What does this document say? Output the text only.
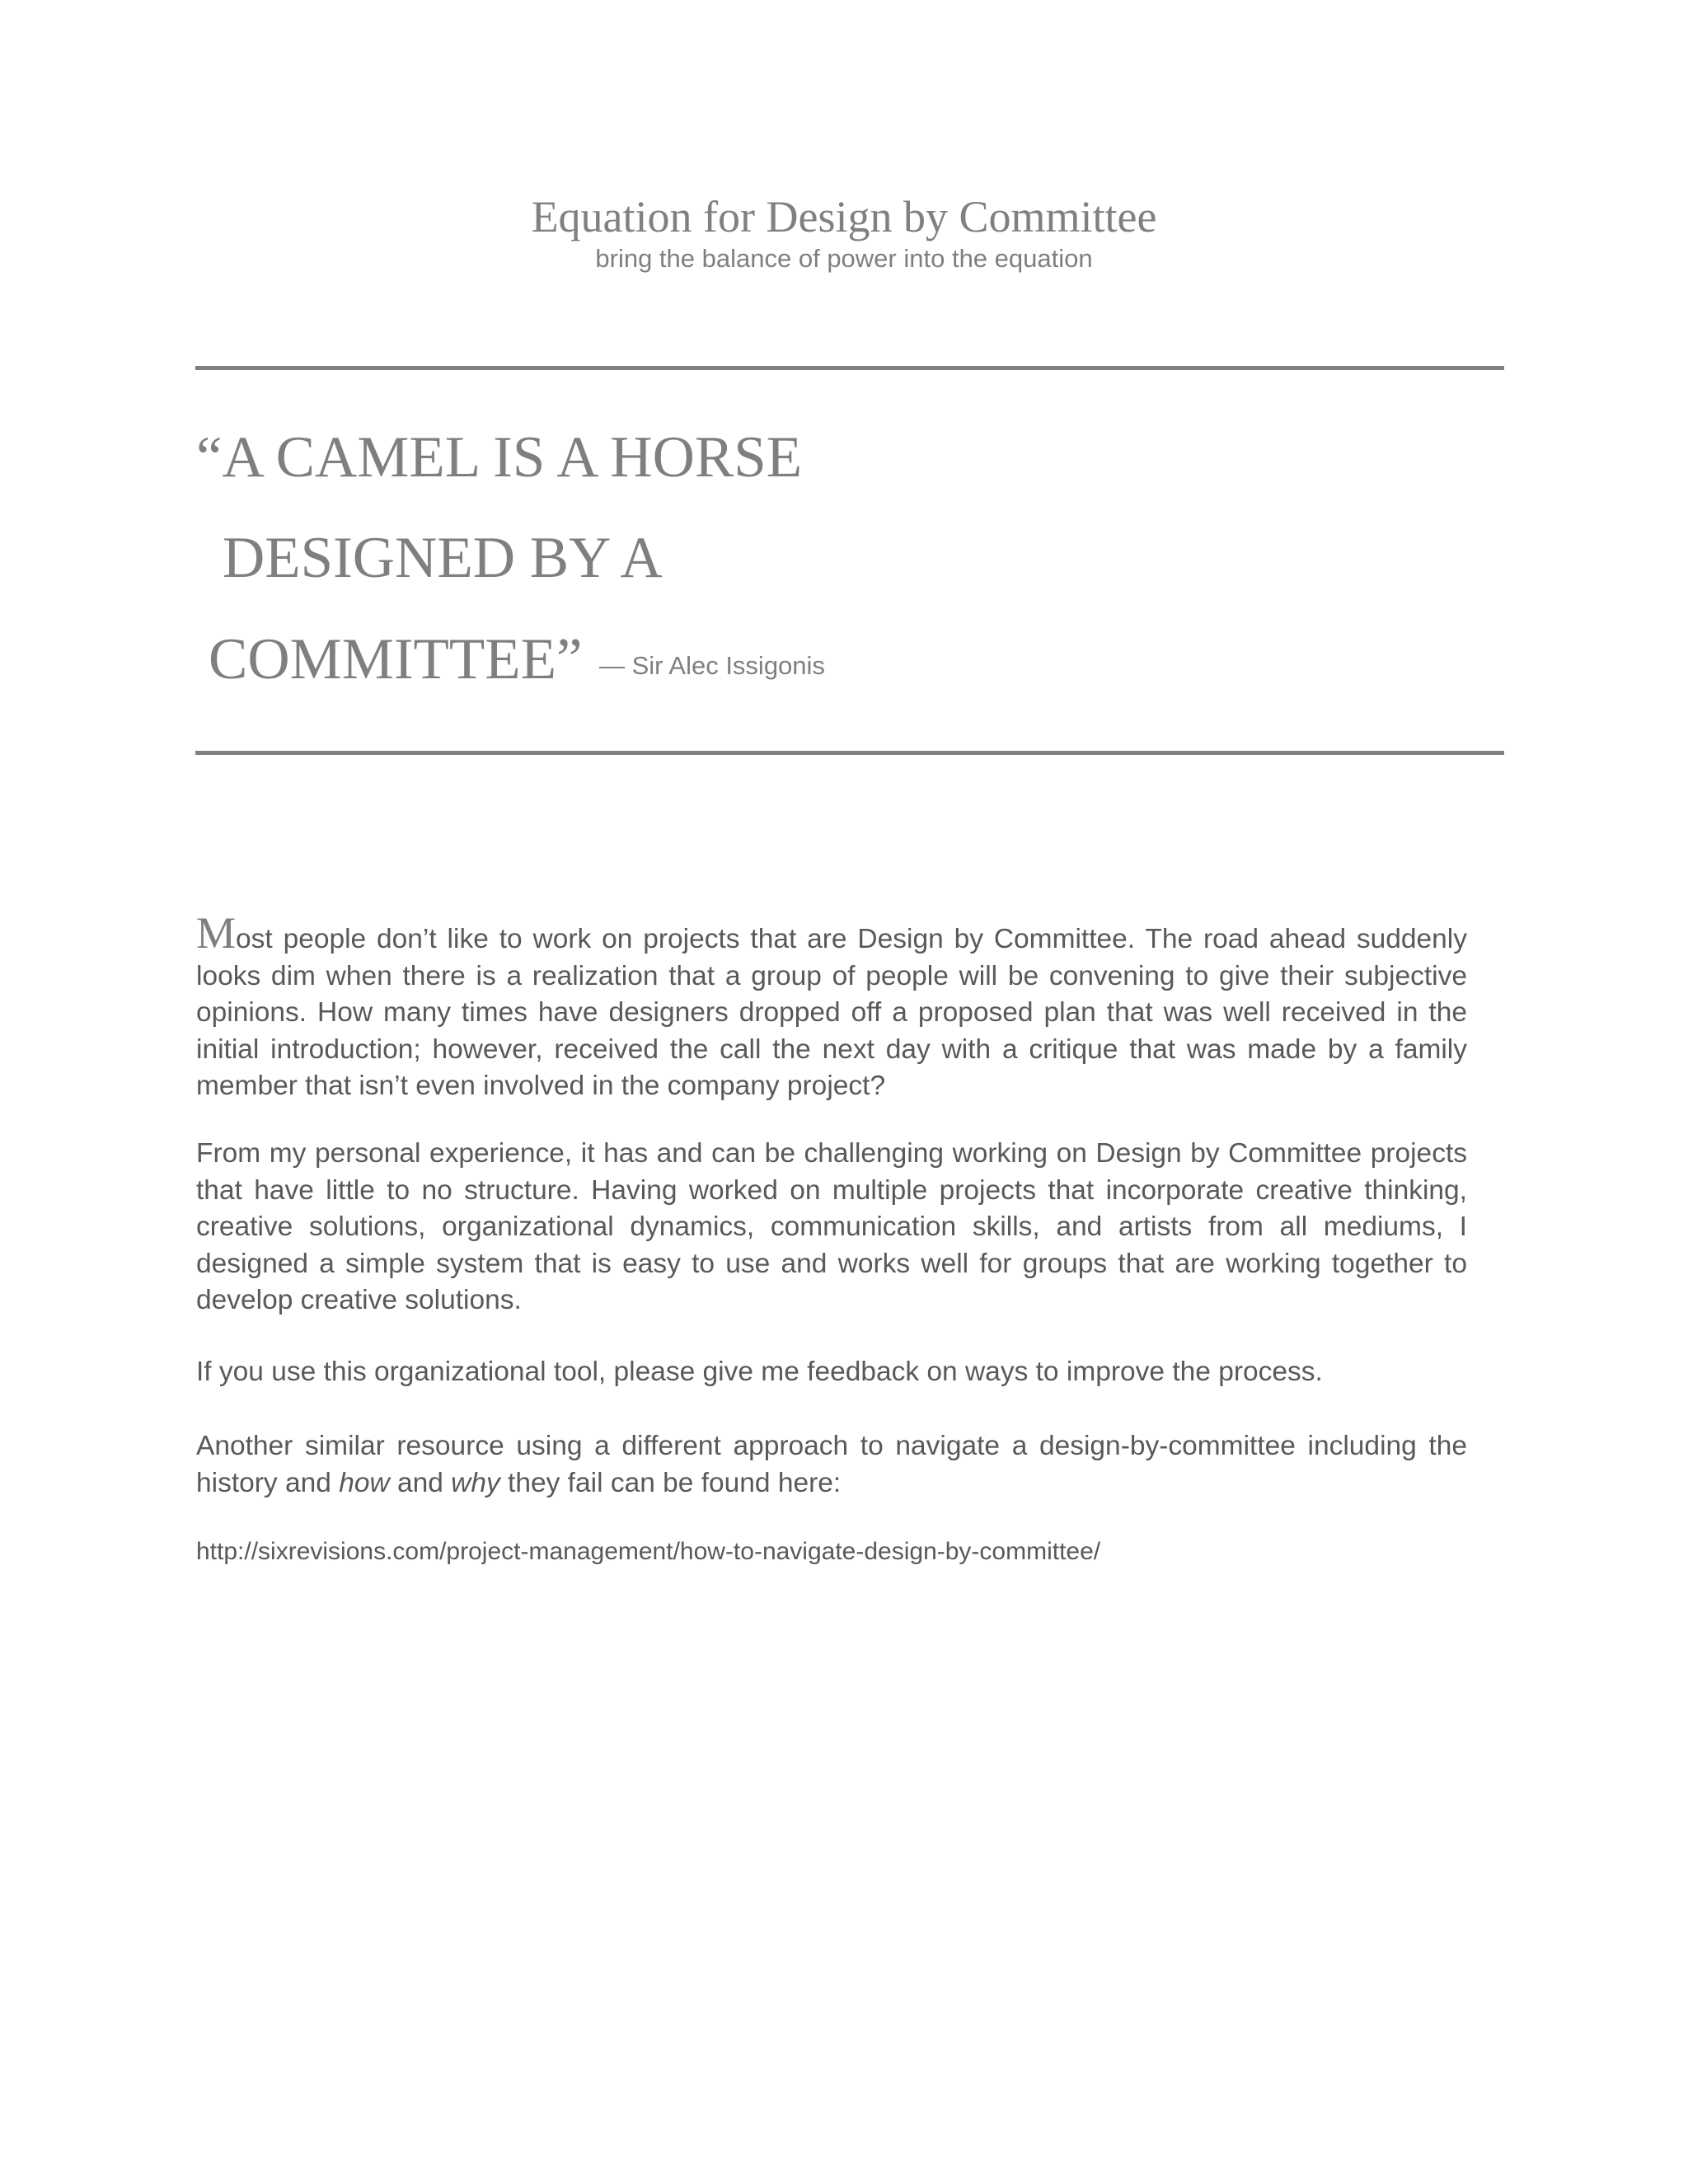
Equation for Design by Committee
bring the balance of power into the equation
“A CAMEL IS A HORSE
DESIGNED BY A
COMMITTEE” — Sir Alec Issigonis

Most people don’t like to work on projects that are Design by Committee. The road ahead suddenly looks dim when there is a realization that a group of people will be convening to give their subjective opinions. How many times have designers dropped off a proposed plan that was well received in the initial introduction; however, received the call the next day with a critique that was made by a family member that isn’t even involved in the company project?

From my personal experience, it has and can be challenging working on Design by Committee projects that have little to no structure. Having worked on multiple projects that incorporate creative thinking, creative solutions, organizational dynamics, communication skills, and artists from all mediums, I designed a simple system that is easy to use and works well for groups that are working together to develop creative solutions.

If you use this organizational tool, please give me feedback on ways to improve the process.

Another similar resource using a different approach to navigate a design-by-committee including the history and how and why they fail can be found here:

http://sixrevisions.com/project-management/how-to-navigate-design-by-committee/
